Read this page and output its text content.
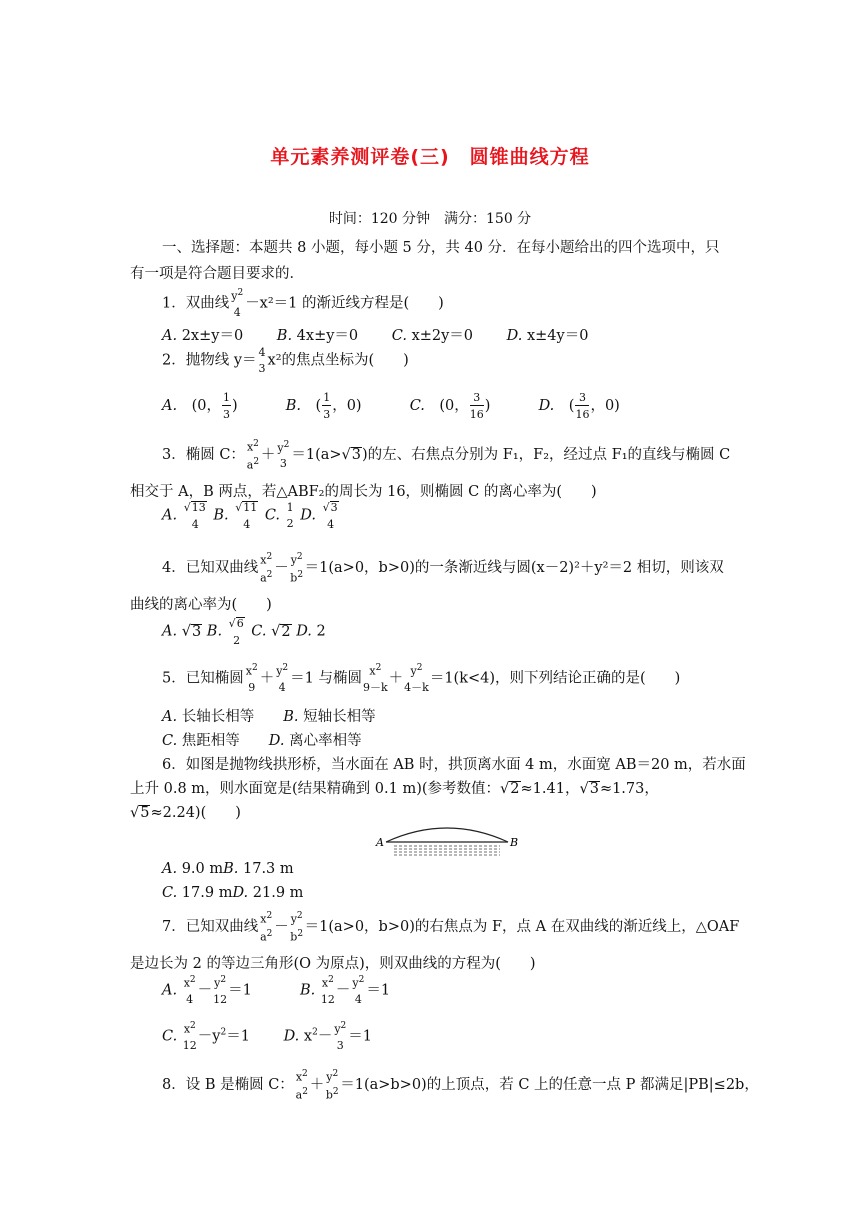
单元素养测评卷(三)　圆锥曲线方程
时间：120 分钟　满分：150 分
一、选择题：本题共 8 小题，每小题 5 分，共 40 分．在每小题给出的四个选项中，只
有一项是符合题目要求的．
1．双曲线 $y^2$
4
－x²＝1 的渐近线方程是(　　)
A. 2x±y＝0　　 B. 4x±y＝0　　 C. x±2y＝0　　 D. x±4y＝0
2．抛物线 y＝ 4
3 x²的焦点坐标为(　　)
A.　(0， $\frac{1}{3}$ )　　　 B.　( $\frac{1}{3}$ ，0)　　　 C.　(0， $\frac{3}{16}$ )　　　 D.　( $\frac{3}{16}$ ，0)
3．椭圆 C： $x^2$
$a^2 + y^2$
3
＝1(a>√3)的左、右焦点分别为 F₁，F₂，经过点 F₁的直线与椭圆 C
相交于 A，B 两点，若△ABF₂的周长为 16，则椭圆 C 的离心率为(　　)
A.
√13
4
B.
√11
4
C. 1
2 D.
√3
4
4．已知双曲线 $x^2$
$a^2 - y^2$
$b^2 =1(a>0$，b>0)的一条渐近线与圆(x－2)²＋y²＝2 相切，则该双
曲线的离心率为(　　)
A. √3 B.
√6
2
C. √2 D. 2
5．已知椭圆 $x^2$
9
＋ $y^2$
4
＝1 与椭圆 $x^2$
9－k
＋ $y^2$
4－k
＝1(k<4)，则下列结论正确的是(　　)
A. 长轴长相等　　 B. 短轴长相等
C. 焦距相等　　 D. 离心率相等
6．如图是抛物线拱形桥，当水面在 AB 时，拱顶离水面 4 m，水面宽 AB＝20 m，若水面
上升 0.8 m，则水面宽是(结果精确到 0.1 m)(参考数值：√2≈1.41，√3≈1.73，
√5≈2.24)(　　)
A	B
A. 9.0 mB. 17.3 m
C. 17.9 mD. 21.9 m
7．已知双曲线 $x^2$
$a^2 - y^2$
$b^2 =1(a>0$，b>0)的右焦点为 F，点 A 在双曲线的渐近线上，△OAF
是边长为 2 的等边三角形(O 为原点)，则双曲线的方程为(　　)
A. $x^2$
4
－ $y^2$
12
＝1　　　 B. $x^2$
12
－ $y^2$
4
＝1
C. $x^2$
12
$-y^2=1$　　 D. $x^2- y^2$
3
＝1
8．设 B 是椭圆 C： $x^2$
$a^2 + y^2$
$b^2 =1(a>b>0)$的上顶点，若 C 上的任意一点 P 都满足|PB|≤2b，
